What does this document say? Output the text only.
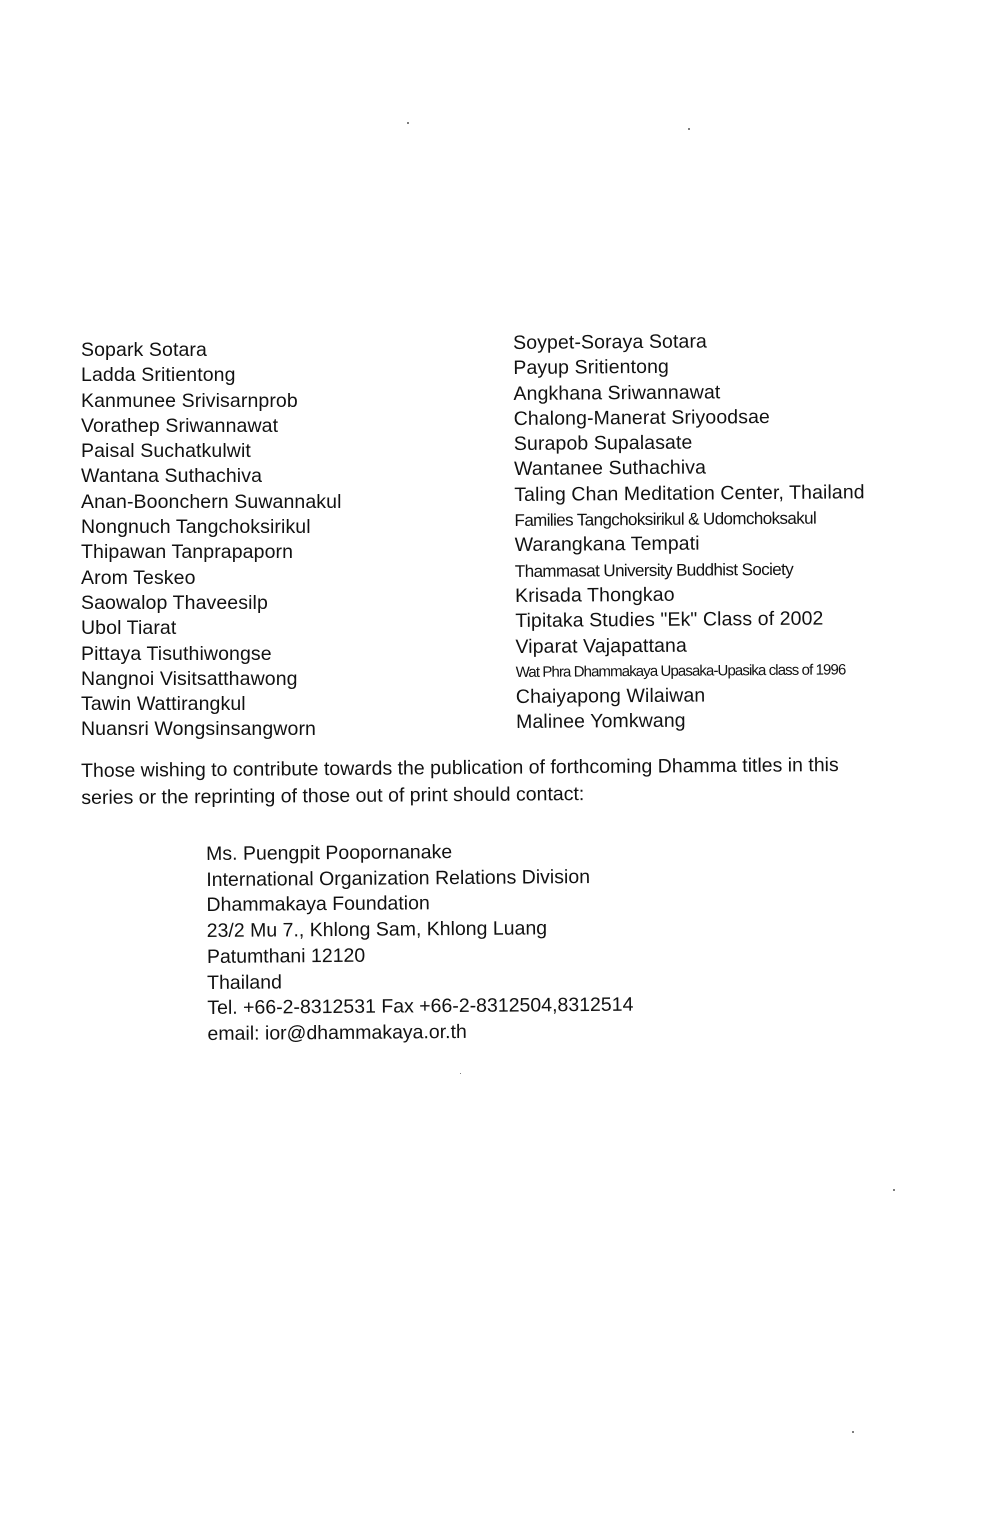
Sopark Sotara
Ladda Sritientong
Kanmunee Srivisarnprob
Vorathep Sriwannawat
Paisal Suchatkulwit
Wantana Suthachiva
Anan-Boonchern Suwannakul
Nongnuch Tangchoksirikul
Thipawan Tanprapaporn
Arom Teskeo
Saowalop Thaveesilp
Ubol Tiarat
Pittaya Tisuthiwongse
Nangnoi Visitsatthawong
Tawin Wattirangkul
Nuansri Wongsinsangworn
Soypet-Soraya Sotara
Payup Sritientong
Angkhana Sriwannawat
Chalong-Manerat Sriyoodsae
Surapob Supalasate
Wantanee Suthachiva
Taling Chan Meditation Center, Thailand
Families Tangchoksirikul & Udomchoksakul
Warangkana Tempati
Thammasat University Buddhist Society
Krisada Thongkao
Tipitaka Studies "Ek" Class of 2002
Viparat Vajapattana
Wat Phra Dhammakaya Upasaka-Upasika class of 1996
Chaiyapong Wilaiwan
Malinee Yomkwang
Those wishing to contribute towards the publication of forthcoming Dhamma titles in this
series or the reprinting of those out of print should contact:
Ms. Puengpit Poopornanake
International Organization Relations Division
Dhammakaya Foundation
23/2 Mu 7., Khlong Sam, Khlong Luang
Patumthani 12120
Thailand
Tel. +66-2-8312531 Fax +66-2-8312504,8312514
email: ior@dhammakaya.or.th
